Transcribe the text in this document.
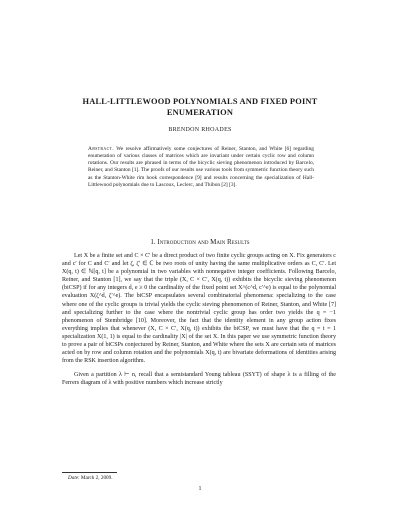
HALL-LITTLEWOOD POLYNOMIALS AND FIXED POINT
ENUMERATION
BRENDON RHOADES
Abstract. We resolve affirmatively some conjectures of Reiner, Stanton, and White [6] regarding enumeration of various classes of matrices which are invariant under certain cyclic row and column rotations. Our results are phrased in terms of the bicyclic sieving phenomenon introduced by Barcelo, Reiner, and Stanton [1]. The proofs of our results use various tools from symmetric function theory such as the Stanton-White rim hook correspondence [9] and results concerning the specialization of Hall-Littlewood polynomials due to Lascoux, Leclerc, and Thibon [2] [3].
1. Introduction and Main Results

Let X be a finite set and C × C′ be a direct product of two finite cyclic groups acting on X. Fix generators c and c′ for C and C′ and let ζ, ζ′ ∈ ℂ be two roots of unity having the same multiplicative orders as C, C′. Let X(q, t) ∈ ℕ[q, t] be a polynomial in two variables with nonnegative integer coefficients. Following Barcelo, Reiner, and Stanton [1], we say that the triple (X, C × C′, X(q, t)) exhibits the bicyclic sieving phenomenon (biCSP) if for any integers d, e ≥ 0 the cardinality of the fixed point set X^(c^d, c′^e) is equal to the polynomial evaluation X(ζ^d, ζ′^e). The biCSP encapsulates several combinatorial phenomena: specializing to the case where one of the cyclic groups is trivial yields the cyclic sieving phenomenon of Reiner, Stanton, and White [7] and specializing further to the case where the nontrivial cyclic group has order two yields the q = −1 phenomenon of Stembridge [10]. Moreover, the fact that the identity element in any group action fixes everything implies that whenever (X, C × C′, X(q, t)) exhibits the biCSP, we must have that the q = t = 1 specialization X(1, 1) is equal to the cardinality |X| of the set X. In this paper we use symmetric function theory to prove a pair of biCSPs conjectured by Reiner, Stanton, and White where the sets X are certain sets of matrices acted on by row and column rotation and the polynomials X(q, t) are bivariate deformations of identities arising from the RSK insertion algorithm.

Given a partition λ ⊢ n, recall that a semistandard Young tableau (SSYT) of shape λ is a filling of the Ferrers diagram of λ with positive numbers which increase strictly

Date: March 2, 2009.
1
